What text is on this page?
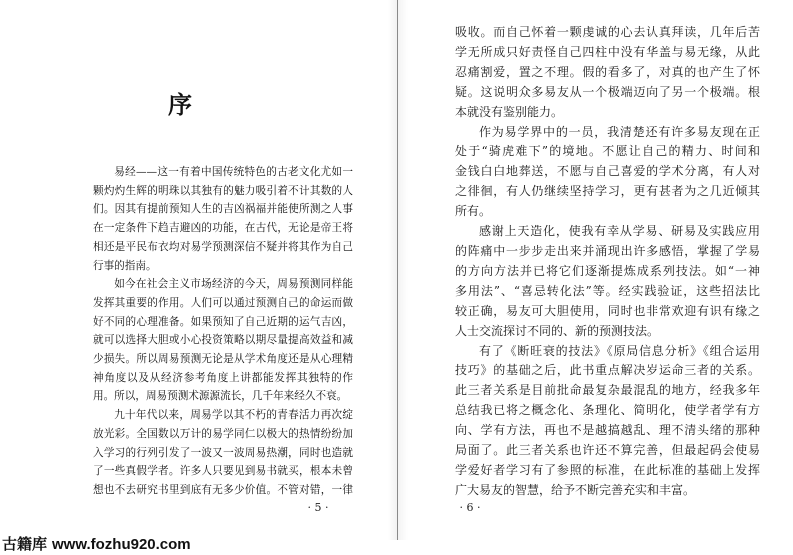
序
易经——这一有着中国传统特色的古老文化尤如一
颗灼灼生辉的明珠以其独有的魅力吸引着不计其数的人
们。因其有提前预知人生的吉凶祸福并能使所测之人事
在一定条件下趋吉避凶的功能，在古代，无论是帝王将
相还是平民布衣均对易学预测深信不疑并将其作为自己
行事的指南。
如今在社会主义市场经济的今天，周易预测同样能
发挥其重要的作用。人们可以通过预测自己的命运而做
好不同的心理准备。如果预知了自己近期的运气吉凶，
就可以选择大胆或小心投资策略以期尽量提高效益和减
少损失。所以周易预测无论是从学术角度还是从心理精
神角度以及从经济参考角度上讲都能发挥其独特的作
用。所以，周易预测术源源流长，几千年来经久不衰。
九十年代以来，周易学以其不朽的青春活力再次绽
放光彩。全国数以万计的易学同仁以极大的热情纷纷加
入学习的行列引发了一波又一波周易热潮，同时也造就
了一些真假学者。许多人只要见到易书就买，根本未曾
想也不去研究书里到底有无多少价值。不管对错，一律
· 5 ·
吸收。而自己怀着一颗虔诚的心去认真拜读，几年后苦
学无所成只好责怪自己四柱中没有华盖与易无缘，从此
忍痛割爱，置之不理。假的看多了，对真的也产生了怀
疑。这说明众多易友从一个极端迈向了另一个极端。根
本就没有鉴别能力。
作为易学界中的一员，我清楚还有许多易友现在正
处于“骑虎难下”的境地。不愿让自己的精力、时间和
金钱白白地葬送，不愿与自己喜爱的学术分离，有人对
之徘徊，有人仍继续坚持学习，更有甚者为之几近倾其
所有。
感谢上天造化，使我有幸从学易、研易及实践应用
的阵痛中一步步走出来并涌现出许多感悟，掌握了学易
的方向方法并已将它们逐渐提炼成系列技法。如“一神
多用法”、“喜忌转化法”等。经实践验证，这些招法比
较正确，易友可大胆使用，同时也非常欢迎有识有缘之
人士交流探讨不同的、新的预测技法。
有了《断旺衰的技法》《原局信息分析》《组合运用
技巧》的基础之后，此书重点解决岁运命三者的关系。
此三者关系是目前批命最复杂最混乱的地方，经我多年
总结我已将之概念化、条理化、简明化，使学者学有方
向、学有方法，再也不是越搞越乱、理不清头绪的那种
局面了。此三者关系也许还不算完善，但最起码会使易
学爱好者学习有了参照的标准，在此标准的基础上发挥
广大易友的智慧，给予不断完善充实和丰富。
· 6 ·
古籍库 www.fozhu920.com
